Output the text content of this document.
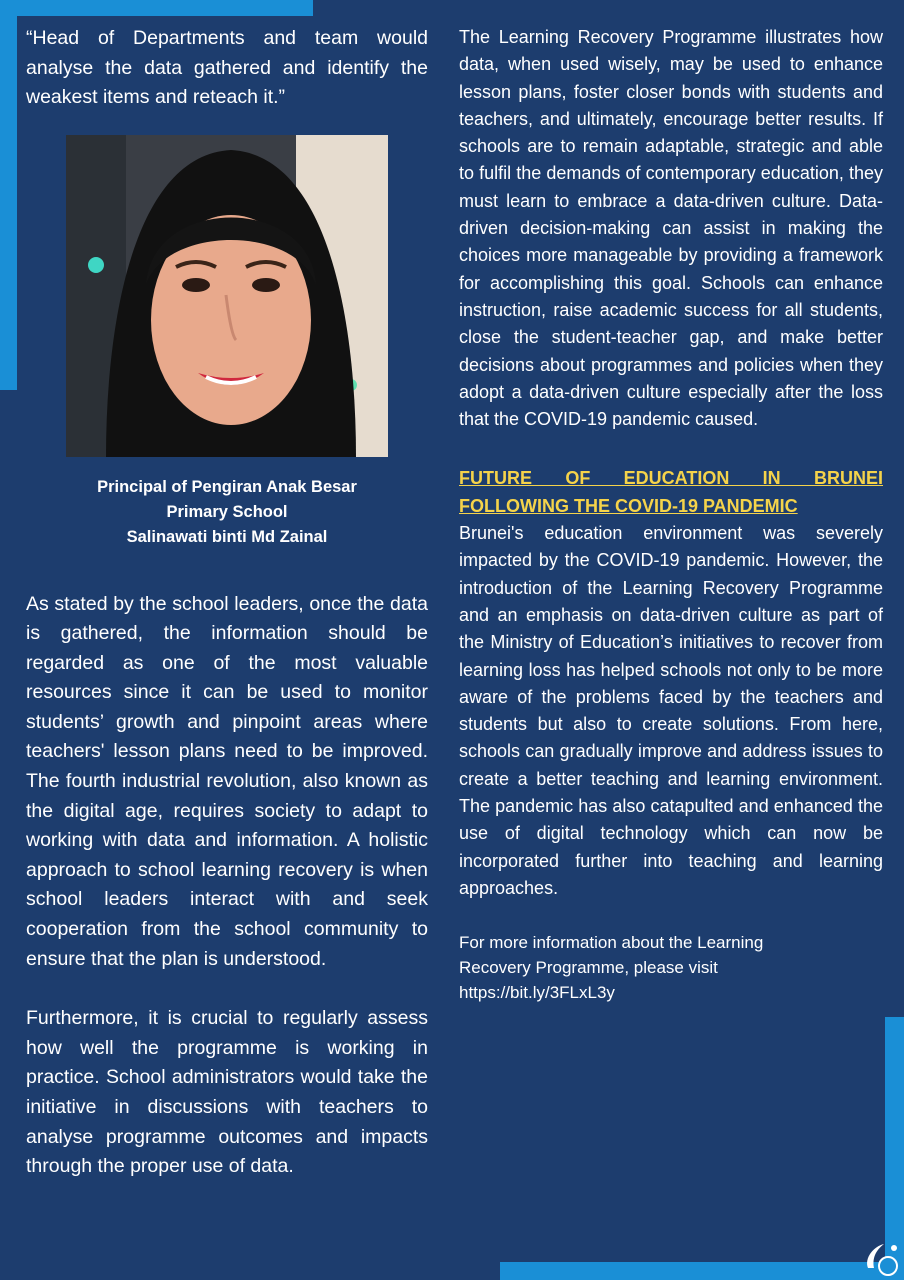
“Head of Departments and team would analyse the data gathered and identify the weakest items and reteach it.”

Principal of Pengiran Anak Besar
Primary School
Salinawati binti Md Zainal

As stated by the school leaders, once the data is gathered, the information should be regarded as one of the most valuable resources since it can be used to monitor students’ growth and pinpoint areas where teachers' lesson plans need to be improved. The fourth industrial revolution, also known as the digital age, requires society to adapt to working with data and information. A holistic approach to school learning recovery is when school leaders interact with and seek cooperation from the school community to ensure that the plan is understood.

Furthermore, it is crucial to regularly assess how well the programme is working in practice. School administrators would take the initiative in discussions with teachers to analyse programme outcomes and impacts through the proper use of data.

The Learning Recovery Programme illustrates how data, when used wisely, may be used to enhance lesson plans, foster closer bonds with students and teachers, and ultimately, encourage better results. If schools are to remain adaptable, strategic and able to fulfil the demands of contemporary education, they must learn to embrace a data-driven culture. Data-driven decision-making can assist in making the choices more manageable by providing a framework for accomplishing this goal. Schools can enhance instruction, raise academic success for all students, close the student-teacher gap, and make better decisions about programmes and policies when they adopt a data-driven culture especially after the loss that the COVID-19 pandemic caused.

FUTURE OF EDUCATION IN BRUNEI
FOLLOWING THE COVID-19 PANDEMIC

Brunei's education environment was severely impacted by the COVID-19 pandemic. However, the introduction of the Learning Recovery Programme and an emphasis on data-driven culture as part of the Ministry of Education’s initiatives to recover from learning loss has helped schools not only to be more aware of the problems faced by the teachers and students but also to create solutions. From here, schools can gradually improve and address issues to create a better teaching and learning environment. The pandemic has also catapulted and enhanced the use of digital technology which can now be incorporated further into teaching and learning approaches.

For more information about the Learning
Recovery Programme, please visit
https://bit.ly/3FLxL3y
